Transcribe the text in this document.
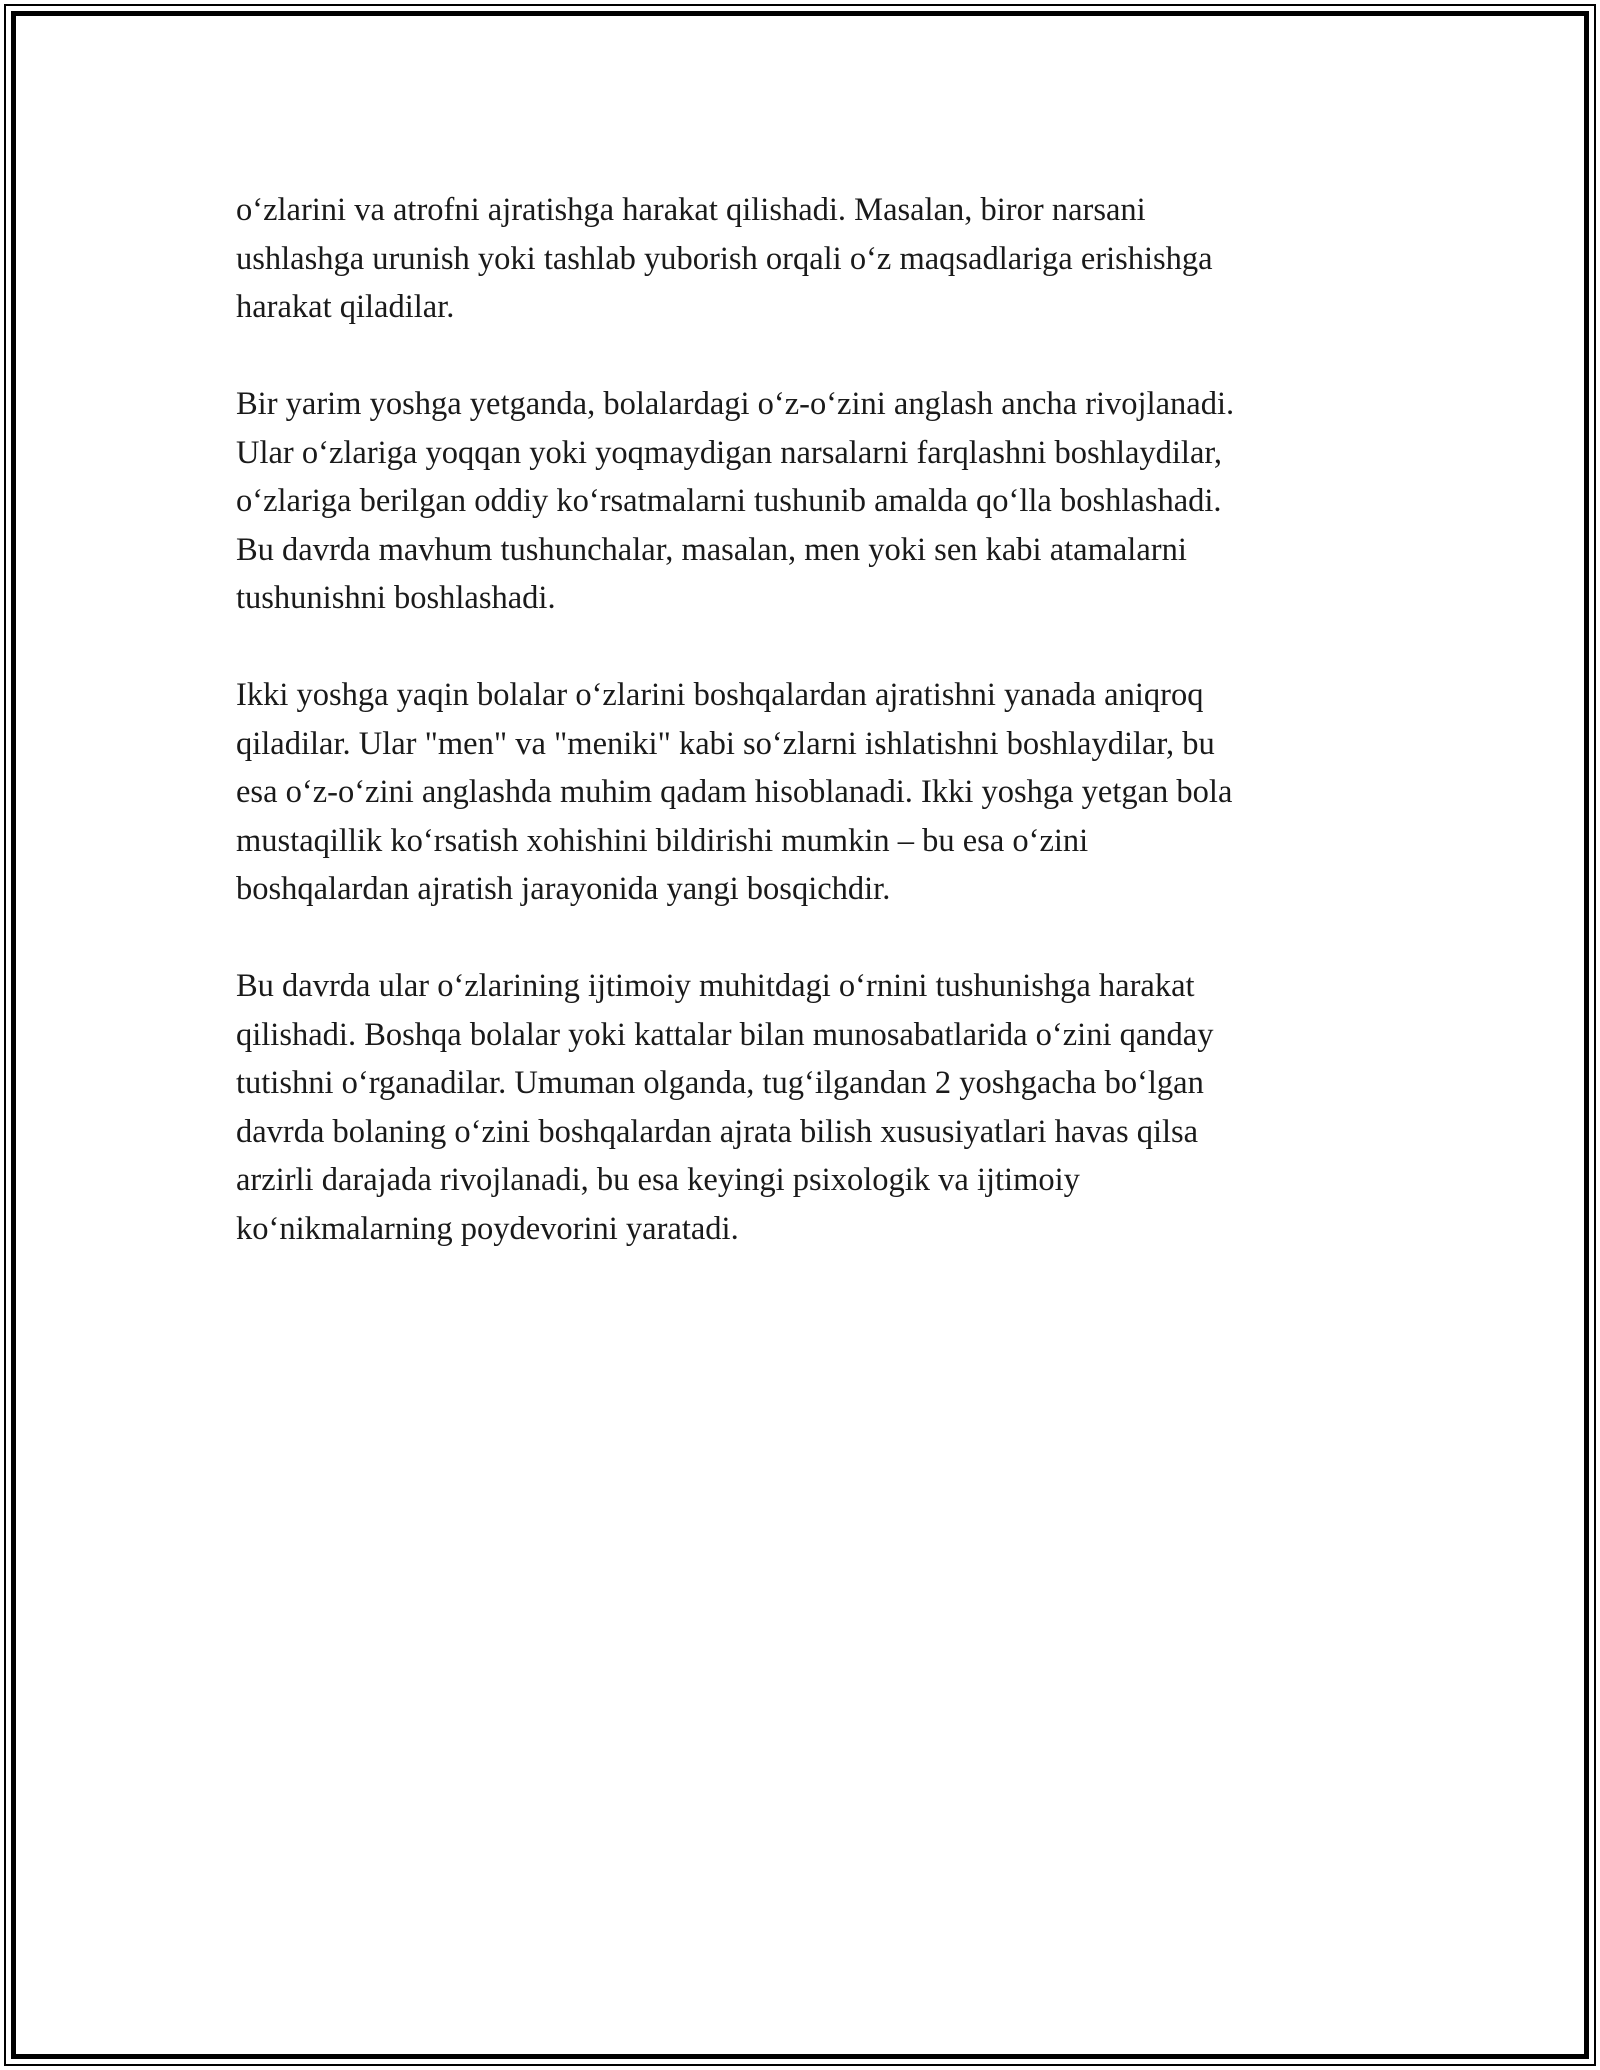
o‘zlarini va atrofni ajratishga harakat qilishadi. Masalan, biror narsani
ushlashga urunish yoki tashlab yuborish orqali o‘z maqsadlariga erishishga
harakat qiladilar.

Bir yarim yoshga yetganda, bolalardagi o‘z-o‘zini anglash ancha rivojlanadi.
Ular o‘zlariga yoqqan yoki yoqmaydigan narsalarni farqlashni boshlaydilar,
o‘zlariga berilgan oddiy ko‘rsatmalarni tushunib amalda qo‘lla boshlashadi.
Bu davrda mavhum tushunchalar, masalan, men yoki sen kabi atamalarni
tushunishni boshlashadi.

Ikki yoshga yaqin bolalar o‘zlarini boshqalardan ajratishni yanada aniqroq
qiladilar. Ular "men" va "meniki" kabi so‘zlarni ishlatishni boshlaydilar, bu
esa o‘z-o‘zini anglashda muhim qadam hisoblanadi. Ikki yoshga yetgan bola
mustaqillik ko‘rsatish xohishini bildirishi mumkin – bu esa o‘zini
boshqalardan ajratish jarayonida yangi bosqichdir.

Bu davrda ular o‘zlarining ijtimoiy muhitdagi o‘rnini tushunishga harakat
qilishadi. Boshqa bolalar yoki kattalar bilan munosabatlarida o‘zini qanday
tutishni o‘rganadilar. Umuman olganda, tug‘ilgandan 2 yoshgacha bo‘lgan
davrda bolaning o‘zini boshqalardan ajrata bilish xususiyatlari havas qilsa
arzirli darajada rivojlanadi, bu esa keyingi psixologik va ijtimoiy
ko‘nikmalarning poydevorini yaratadi.
